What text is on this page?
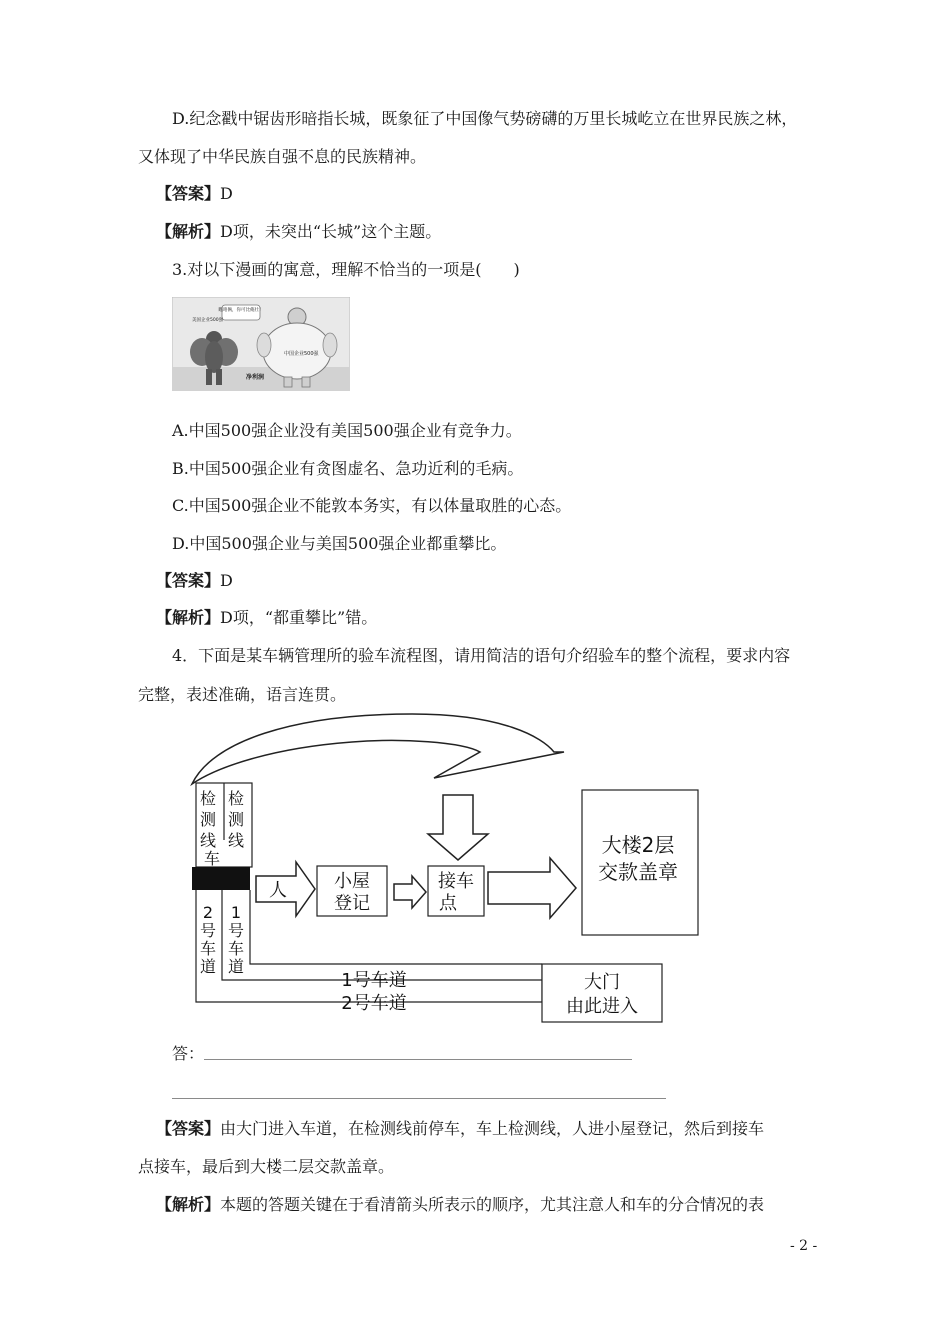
D.纪念戳中锯齿形暗指长城，既象征了中国像气势磅礴的万里长城屹立在世界民族之林，
又体现了中华民族自强不息的民族精神。
【答案】D
【解析】D项，未突出“长城”这个主题。
3.对以下漫画的寓意，理解不恰当的一项是(　　)
瞧咱俩，你可比俺壮！
美国企业500强
中国企业500强
净利润
A.中国500强企业没有美国500强企业有竞争力。
B.中国500强企业有贪图虚名、急功近利的毛病。
C.中国500强企业不能敦本务实，有以体量取胜的心态。
D.中国500强企业与美国500强企业都重攀比。
【答案】D
【解析】D项，“都重攀比”错。
4．下面是某车辆管理所的验车流程图，请用简洁的语句介绍验车的整个流程，要求内容
完整，表述准确，语言连贯。
检
测
线
车
检
测
线
2
号
车
道
1
号
车
道
1号车道
2号车道
大门
由此进入
人	小屋
登记
接车
点
大楼2层
交款盖章
答：
【答案】由大门进入车道，在检测线前停车，车上检测线，人进小屋登记，然后到接车
点接车，最后到大楼二层交款盖章。
【解析】本题的答题关键在于看清箭头所表示的顺序，尤其注意人和车的分合情况的表
- 2 -
